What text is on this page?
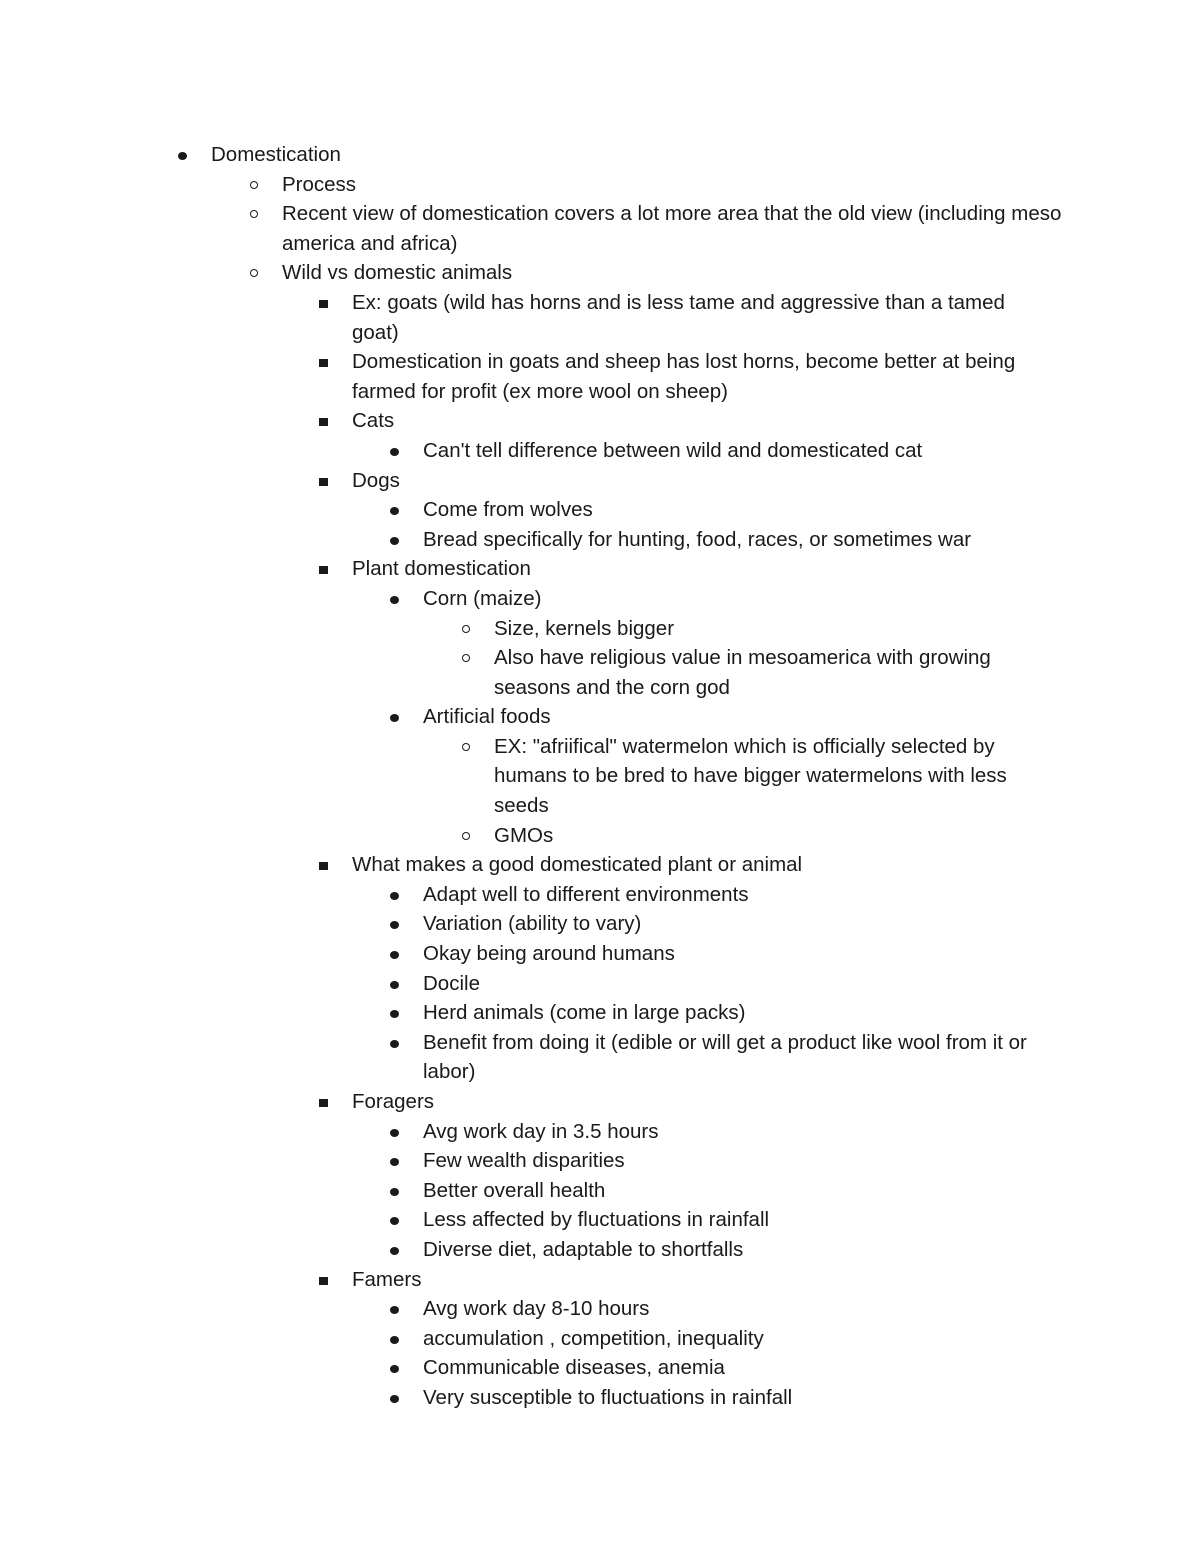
Domestication
Process
Recent view of domestication covers a lot more area that the old view (including meso america and africa)
Wild vs domestic animals
Ex: goats (wild has horns and is less tame and aggressive than a tamed goat)
Domestication in goats and sheep has lost horns, become better at being farmed for profit (ex more wool on sheep)
Cats
Can't tell difference between wild and domesticated cat
Dogs
Come from wolves
Bread specifically for hunting, food, races, or sometimes war
Plant domestication
Corn (maize)
Size, kernels bigger
Also have religious value in mesoamerica with growing seasons and the corn god
Artificial foods
EX: "afriifical" watermelon which is officially selected by humans to be bred to have bigger watermelons with less seeds
GMOs
What makes a good domesticated plant or animal
Adapt well to different environments
Variation (ability to vary)
Okay being around humans
Docile
Herd animals (come in large packs)
Benefit from doing it (edible or will get a product like wool from it or labor)
Foragers
Avg work day in 3.5 hours
Few wealth disparities
Better overall health
Less affected by fluctuations in rainfall
Diverse diet, adaptable to shortfalls
Famers
Avg work day 8-10 hours
accumulation , competition, inequality
Communicable diseases, anemia
Very susceptible to fluctuations in rainfall
